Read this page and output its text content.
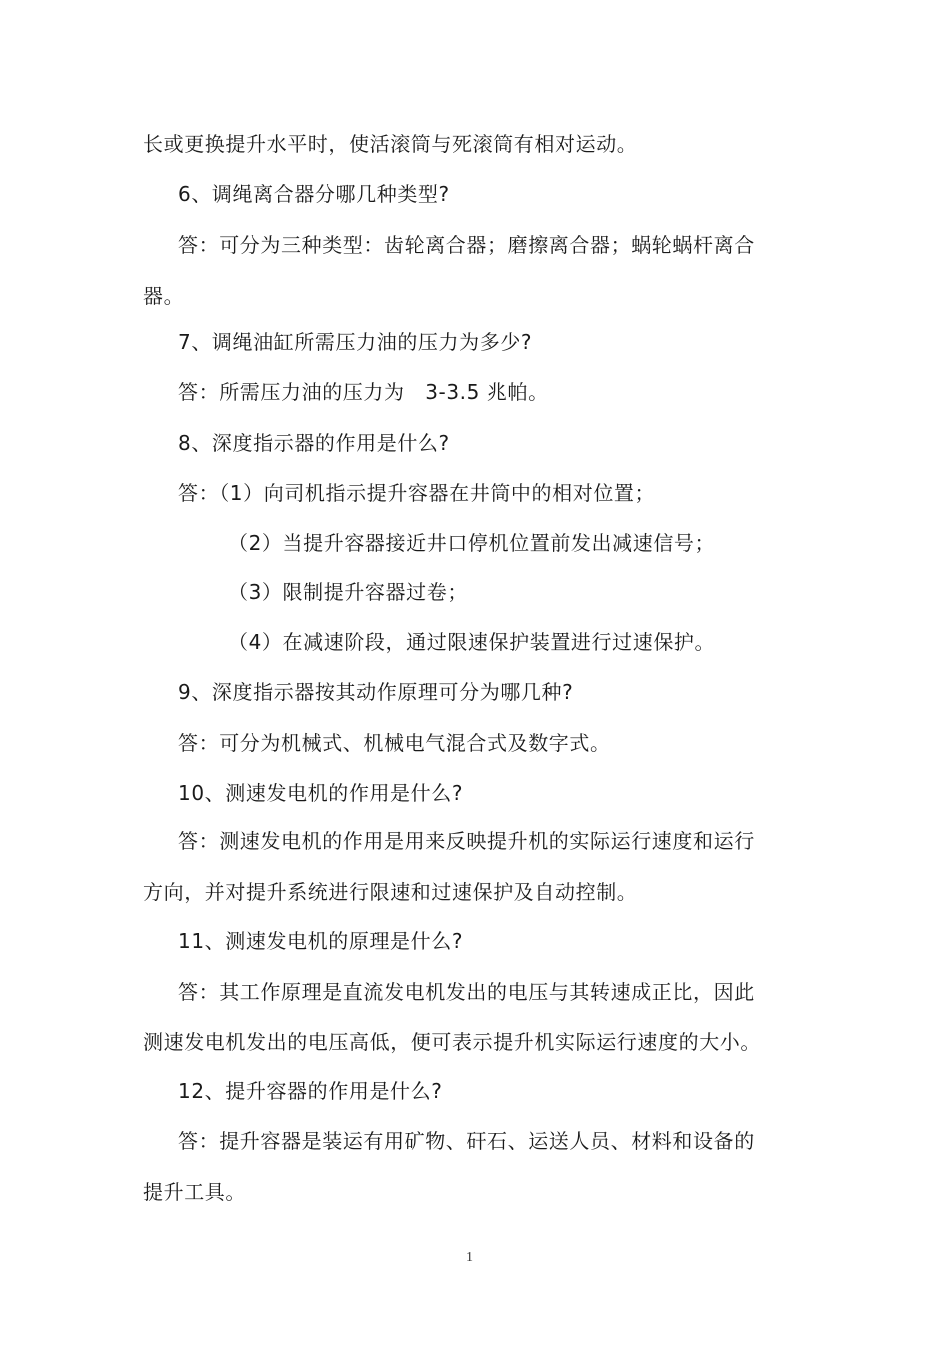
长或更换提升水平时，使活滚筒与死滚筒有相对运动。
6、调绳离合器分哪几种类型?
答：可分为三种类型：齿轮离合器；磨擦离合器；蜗轮蜗杆离合
器。
7、调绳油缸所需压力油的压力为多少?
答：所需压力油的压力为　3-3.5 兆帕。
8、深度指示器的作用是什么?
答：（1）向司机指示提升容器在井筒中的相对位置；
（2）当提升容器接近井口停机位置前发出减速信号；
（3）限制提升容器过卷；
（4）在减速阶段，通过限速保护装置进行过速保护。
9、深度指示器按其动作原理可分为哪几种?
答：可分为机械式、机械电气混合式及数字式。
10、测速发电机的作用是什么?
答：测速发电机的作用是用来反映提升机的实际运行速度和运行
方向，并对提升系统进行限速和过速保护及自动控制。
11、测速发电机的原理是什么?
答：其工作原理是直流发电机发出的电压与其转速成正比，因此
测速发电机发出的电压高低，便可表示提升机实际运行速度的大小。
12、提升容器的作用是什么?
答：提升容器是装运有用矿物、矸石、运送人员、材料和设备的
提升工具。
1
